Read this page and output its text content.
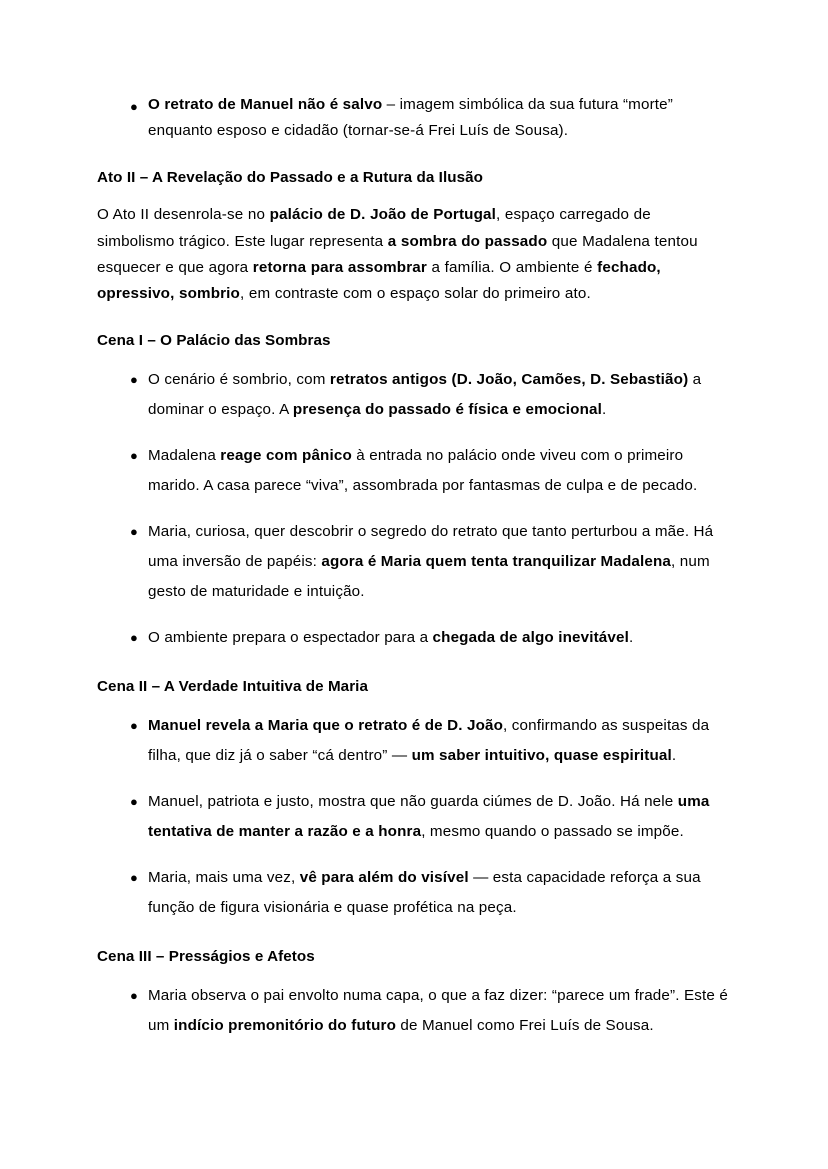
● O retrato de Manuel não é salvo – imagem simbólica da sua futura “morte” enquanto esposo e cidadão (tornar-se-á Frei Luís de Sousa).
Ato II – A Revelação do Passado e a Rutura da Ilusão

O Ato II desenrola-se no palácio de D. João de Portugal, espaço carregado de simbolismo trágico. Este lugar representa a sombra do passado que Madalena tentou esquecer e que agora retorna para assombrar a família. O ambiente é fechado, opressivo, sombrio, em contraste com o espaço solar do primeiro ato.

Cena I – O Palácio das Sombras
● O cenário é sombrio, com retratos antigos (D. João, Camões, D. Sebastião) a dominar o espaço. A presença do passado é física e emocional.
● Madalena reage com pânico à entrada no palácio onde viveu com o primeiro marido. A casa parece “viva”, assombrada por fantasmas de culpa e de pecado.
● Maria, curiosa, quer descobrir o segredo do retrato que tanto perturbou a mãe. Há uma inversão de papéis: agora é Maria quem tenta tranquilizar Madalena, num gesto de maturidade e intuição.
● O ambiente prepara o espectador para a chegada de algo inevitável.
Cena II – A Verdade Intuitiva de Maria
● Manuel revela a Maria que o retrato é de D. João, confirmando as suspeitas da filha, que diz já o saber “cá dentro” — um saber intuitivo, quase espiritual.
● Manuel, patriota e justo, mostra que não guarda ciúmes de D. João. Há nele uma tentativa de manter a razão e a honra, mesmo quando o passado se impõe.
● Maria, mais uma vez, vê para além do visível — esta capacidade reforça a sua função de figura visionária e quase profética na peça.
Cena III – Presságios e Afetos
● Maria observa o pai envolto numa capa, o que a faz dizer: “parece um frade”. Este é um indício premonitório do futuro de Manuel como Frei Luís de Sousa.
